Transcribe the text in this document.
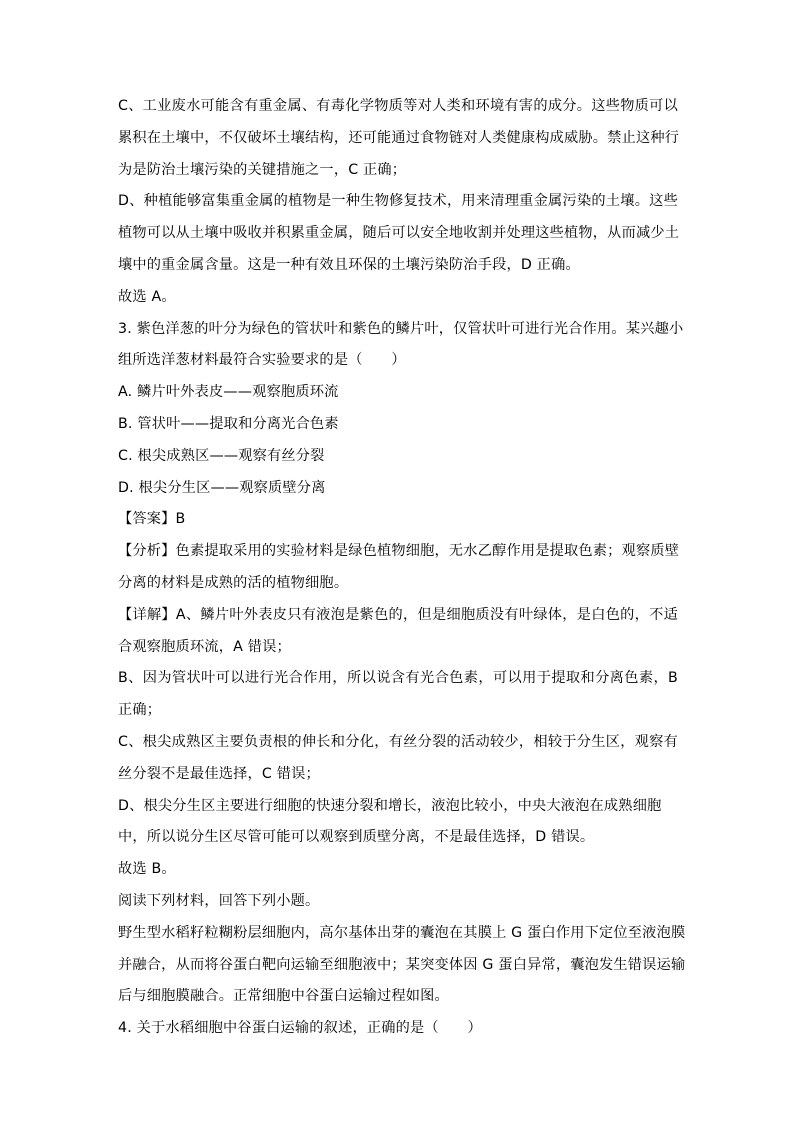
C、工业废水可能含有重金属、有毒化学物质等对人类和环境有害的成分。这些物质可以
累积在土壤中，不仅破坏土壤结构，还可能通过食物链对人类健康构成威胁。禁止这种行
为是防治土壤污染的关键措施之一，C 正确；
D、种植能够富集重金属的植物是一种生物修复技术，用来清理重金属污染的土壤。这些
植物可以从土壤中吸收并积累重金属，随后可以安全地收割并处理这些植物，从而减少土
壤中的重金属含量。这是一种有效且环保的土壤污染防治手段，D 正确。
故选 A。
3. 紫色洋葱的叶分为绿色的管状叶和紫色的鳞片叶，仅管状叶可进行光合作用。某兴趣小
组所选洋葱材料最符合实验要求的是（　　）
A. 鳞片叶外表皮——观察胞质环流
B. 管状叶——提取和分离光合色素
C. 根尖成熟区——观察有丝分裂
D. 根尖分生区——观察质壁分离
【答案】B
【分析】色素提取采用的实验材料是绿色植物细胞，无水乙醇作用是提取色素；观察质壁
分离的材料是成熟的活的植物细胞。
【详解】A、鳞片叶外表皮只有液泡是紫色的，但是细胞质没有叶绿体，是白色的，不适
合观察胞质环流，A 错误；
B、因为管状叶可以进行光合作用，所以说含有光合色素，可以用于提取和分离色素，B
正确；
C、根尖成熟区主要负责根的伸长和分化，有丝分裂的活动较少，相较于分生区，观察有
丝分裂不是最佳选择，C 错误；
D、根尖分生区主要进行细胞的快速分裂和增长，液泡比较小，中央大液泡在成熟细胞
中，所以说分生区尽管可能可以观察到质壁分离，不是最佳选择，D 错误。
故选 B。
阅读下列材料，回答下列小题。
野生型水稻籽粒糊粉层细胞内，高尔基体出芽的囊泡在其膜上 G 蛋白作用下定位至液泡膜
并融合，从而将谷蛋白靶向运输至细胞液中；某突变体因 G 蛋白异常，囊泡发生错误运输
后与细胞膜融合。正常细胞中谷蛋白运输过程如图。
4. 关于水稻细胞中谷蛋白运输的叙述，正确的是（　　）
